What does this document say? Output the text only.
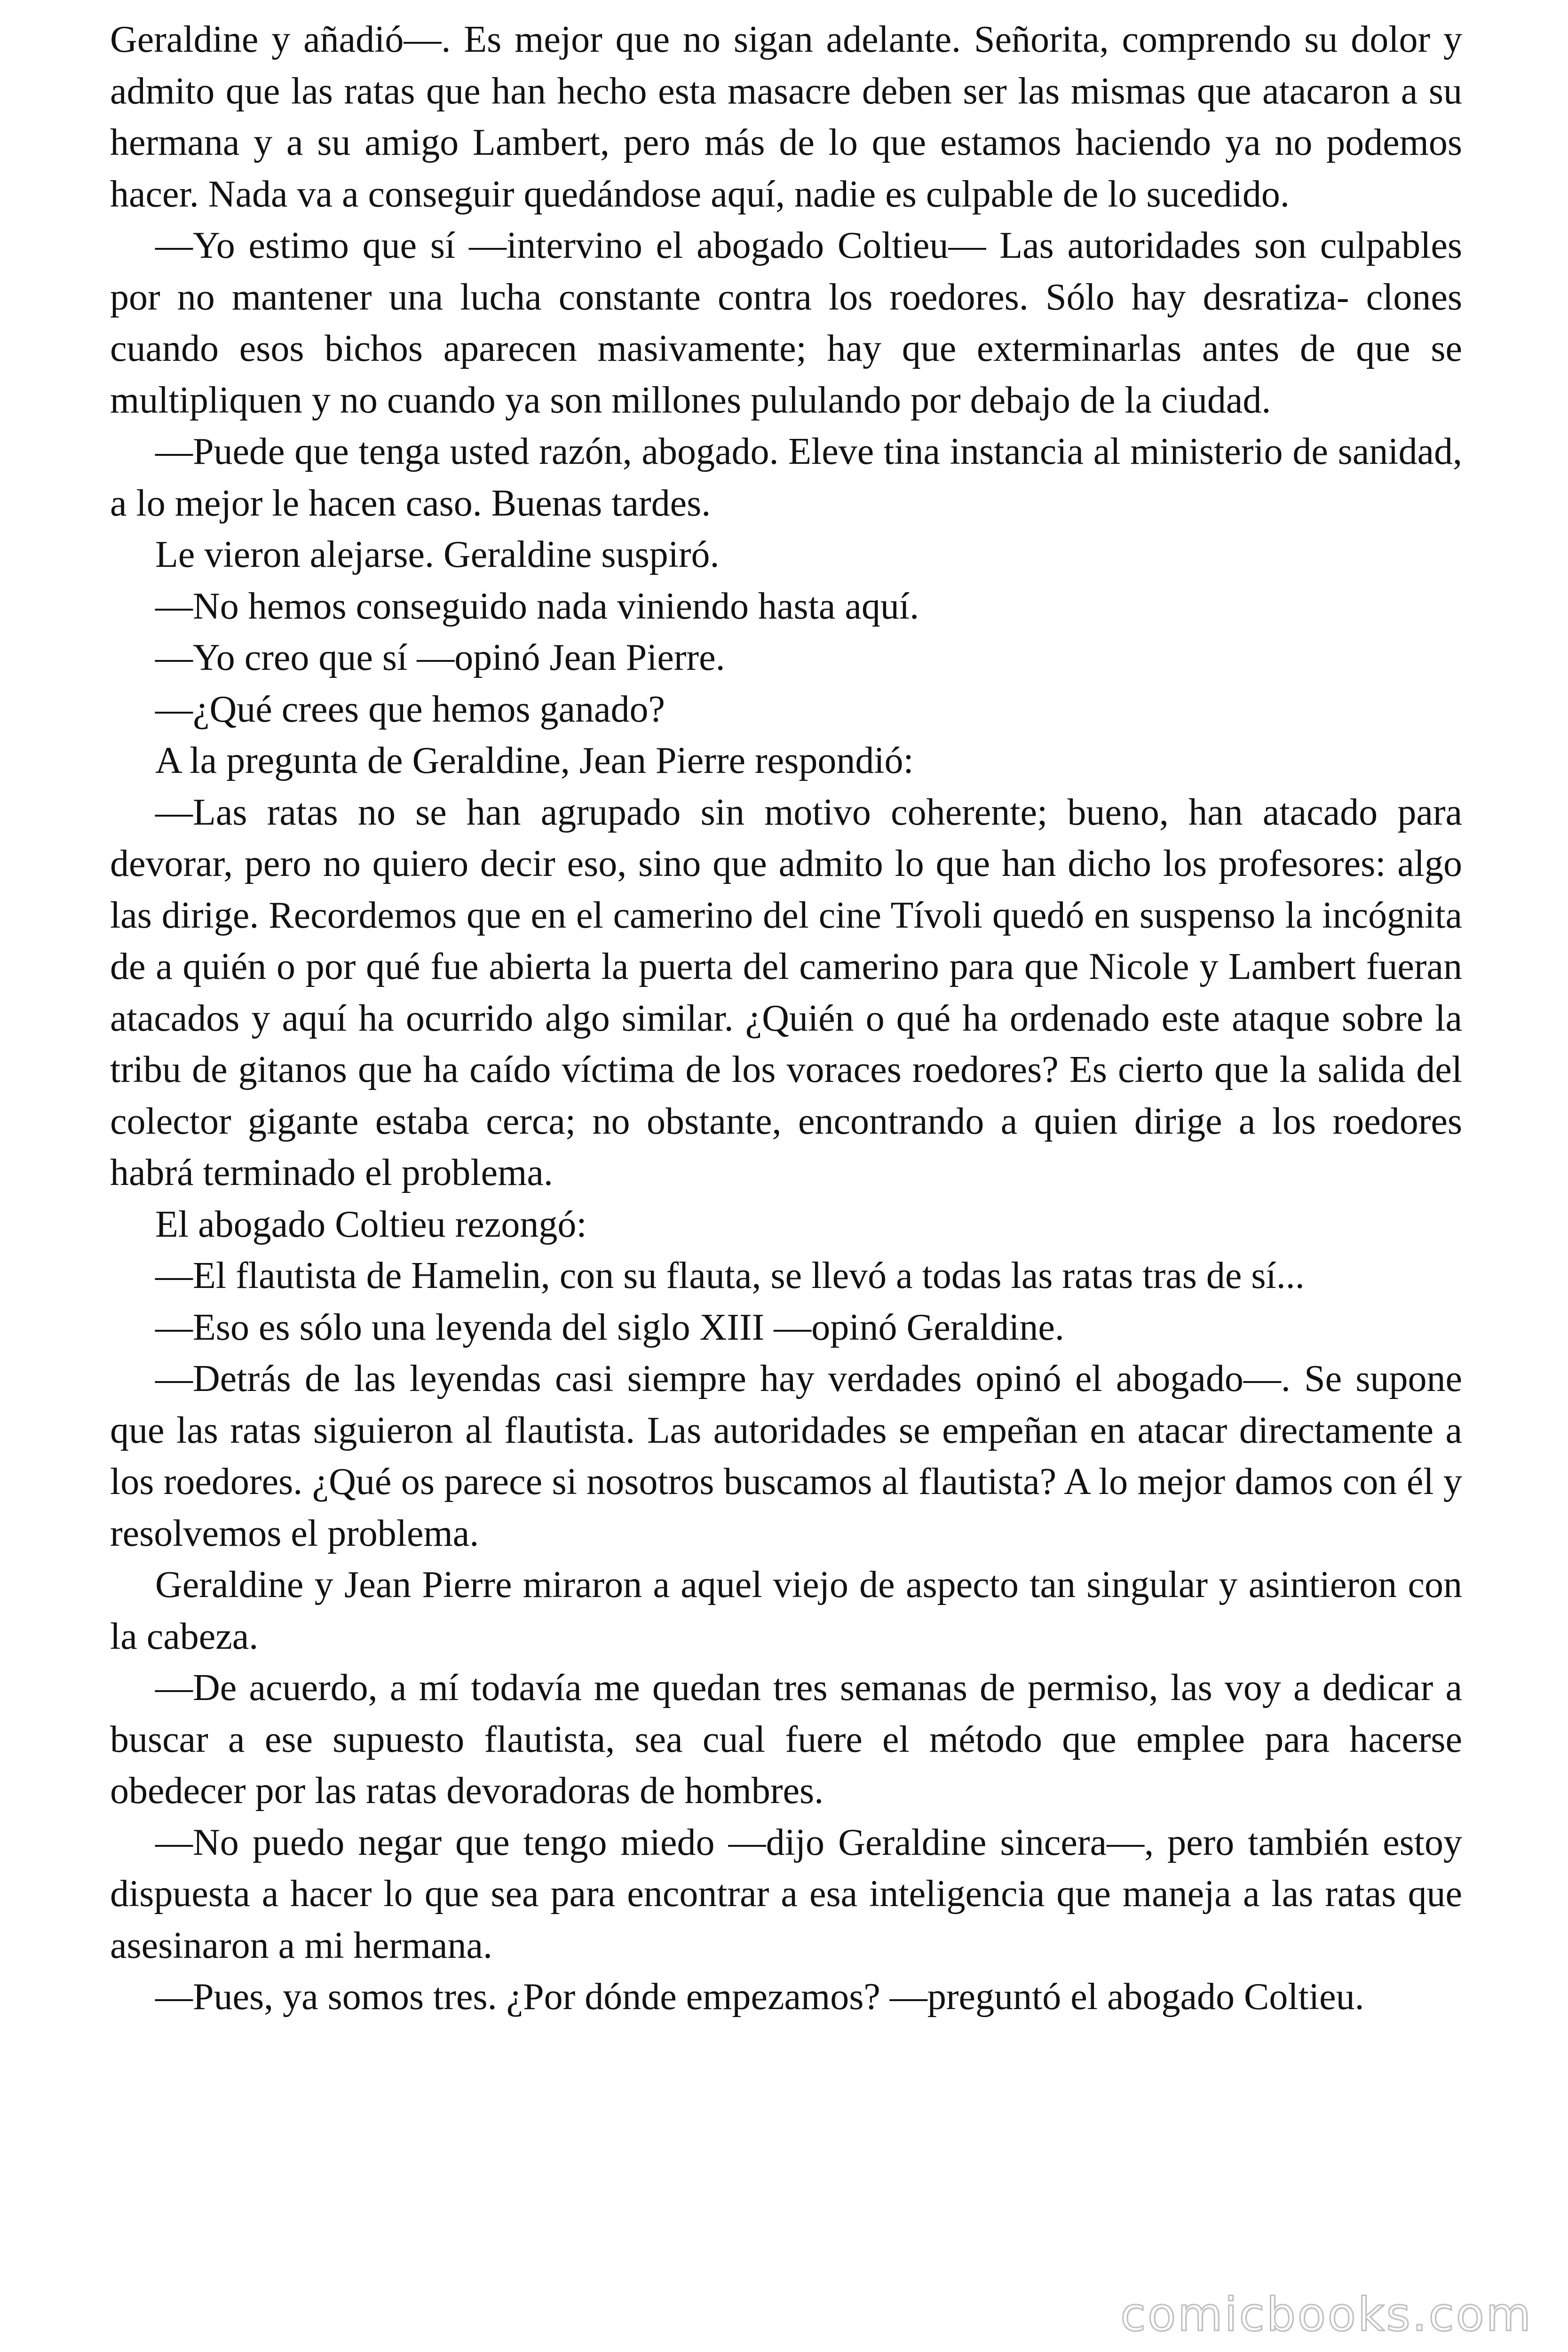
Geraldine y añadió—. Es mejor que no sigan adelante. Señorita, comprendo su dolor y admito que las ratas que han hecho esta masacre deben ser las mismas que atacaron a su hermana y a su amigo Lambert, pero más de lo que estamos haciendo ya no podemos hacer. Nada va a conseguir quedándose aquí, nadie es culpable de lo sucedido.

—Yo estimo que sí —intervino el abogado Coltieu— Las autoridades son culpables por no mantener una lucha constante contra los roedores. Sólo hay desratiza- clones cuando esos bichos aparecen masivamente; hay que exterminarlas antes de que se multipliquen y no cuando ya son millones pululando por debajo de la ciudad.

—Puede que tenga usted razón, abogado. Eleve tina instancia al ministerio de sanidad, a lo mejor le hacen caso. Buenas tardes.

Le vieron alejarse. Geraldine suspiró.

—No hemos conseguido nada viniendo hasta aquí.

—Yo creo que sí —opinó Jean Pierre.

—¿Qué crees que hemos ganado?

A la pregunta de Geraldine, Jean Pierre respondió:

—Las ratas no se han agrupado sin motivo coherente; bueno, han atacado para devorar, pero no quiero decir eso, sino que admito lo que han dicho los profesores: algo las dirige. Recordemos que en el camerino del cine Tívoli quedó en suspenso la incógnita de a quién o por qué fue abierta la puerta del camerino para que Nicole y Lambert fueran atacados y aquí ha ocurrido algo similar. ¿Quién o qué ha ordenado este ataque sobre la tribu de gitanos que ha caído víctima de los voraces roedores? Es cierto que la salida del colector gigante estaba cerca; no obstante, encontrando a quien dirige a los roedores habrá terminado el problema.

El abogado Coltieu rezongó:

—El flautista de Hamelin, con su flauta, se llevó a todas las ratas tras de sí...

—Eso es sólo una leyenda del siglo XIII —opinó Geraldine.

—Detrás de las leyendas casi siempre hay verdades opinó el abogado—. Se supone que las ratas siguieron al flautista. Las autoridades se empeñan en atacar directamente a los roedores. ¿Qué os parece si nosotros buscamos al flautista? A lo mejor damos con él y resolvemos el problema.

Geraldine y Jean Pierre miraron a aquel viejo de aspecto tan singular y asintieron con la cabeza.

—De acuerdo, a mí todavía me quedan tres semanas de permiso, las voy a dedicar a buscar a ese supuesto flautista, sea cual fuere el método que emplee para hacerse obedecer por las ratas devoradoras de hombres.

—No puedo negar que tengo miedo —dijo Geraldine sincera—, pero también estoy dispuesta a hacer lo que sea para encontrar a esa inteligencia que maneja a las ratas que asesinaron a mi hermana.

—Pues, ya somos tres. ¿Por dónde empezamos? —preguntó el abogado Coltieu.

comicbooks.com
